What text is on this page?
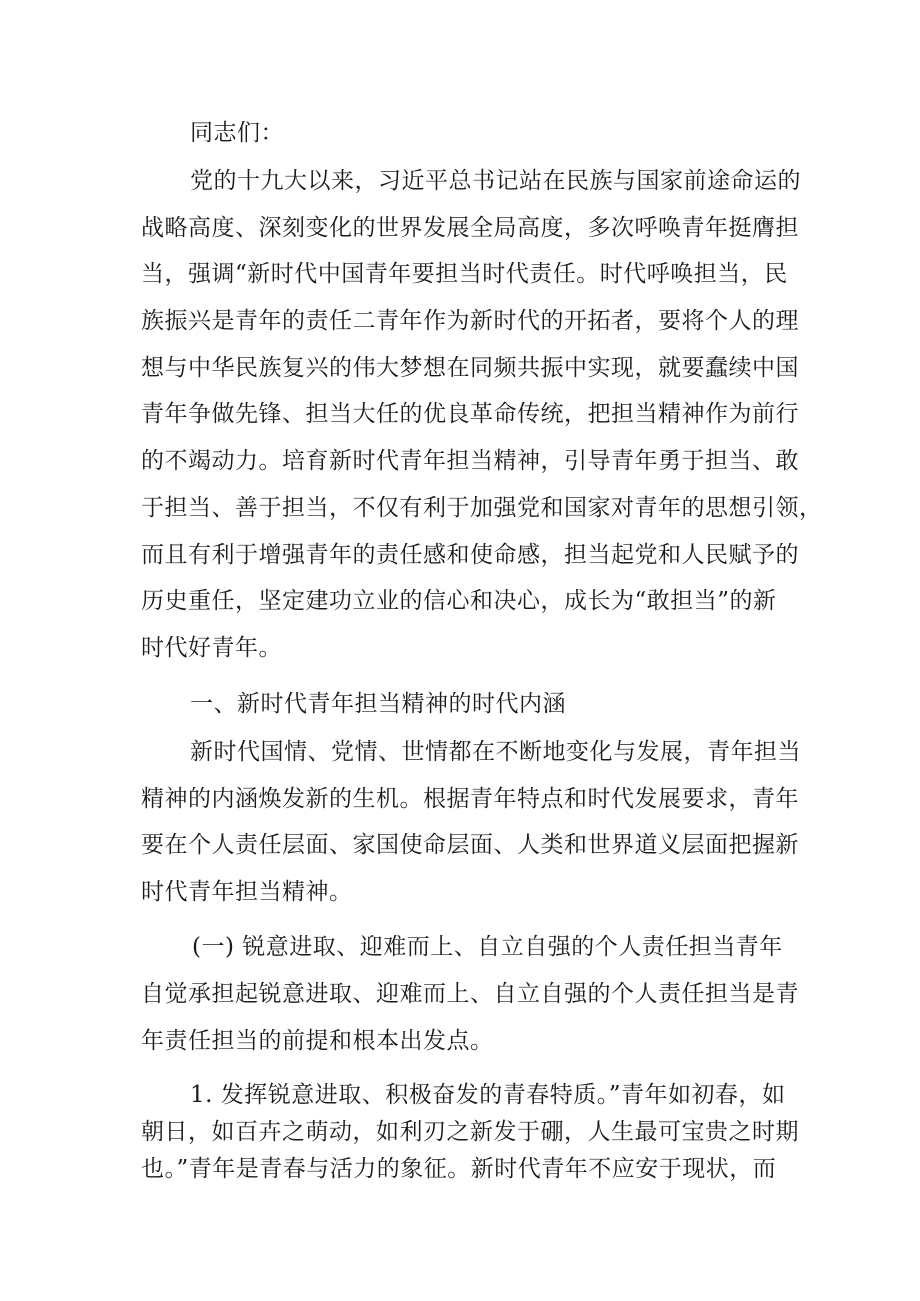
同志们：

党的十九大以来，习近平总书记站在民族与国家前途命运的

战略高度、深刻变化的世界发展全局高度，多次呼唤青年挺膺担

当，强调“新时代中国青年要担当时代责任。时代呼唤担当，民

族振兴是青年的责任二青年作为新时代的开拓者，要将个人的理

想与中华民族复兴的伟大梦想在同频共振中实现，就要蠢续中国

青年争做先锋、担当大任的优良革命传统，把担当精神作为前行

的不竭动力。培育新时代青年担当精神，引导青年勇于担当、敢

于担当、善于担当，不仅有利于加强党和国家对青年的思想引领，

而且有利于增强青年的责任感和使命感，担当起党和人民赋予的

历史重任，坚定建功立业的信心和决心，成长为“敢担当”的新

时代好青年。

一、新时代青年担当精神的时代内涵

新时代国情、党情、世情都在不断地变化与发展，青年担当

精神的内涵焕发新的生机。根据青年特点和时代发展要求，青年

要在个人责任层面、家国使命层面、人类和世界道义层面把握新

时代青年担当精神。

(一) 锐意进取、迎难而上、自立自强的个人责任担当青年

自觉承担起锐意进取、迎难而上、自立自强的个人责任担当是青

年责任担当的前提和根本出发点。

1. 发挥锐意进取、积极奋发的青春特质。”青年如初春，如

朝日，如百卉之萌动，如利刃之新发于硼，人生最可宝贵之时期

也。”青年是青春与活力的象征。新时代青年不应安于现状，而
